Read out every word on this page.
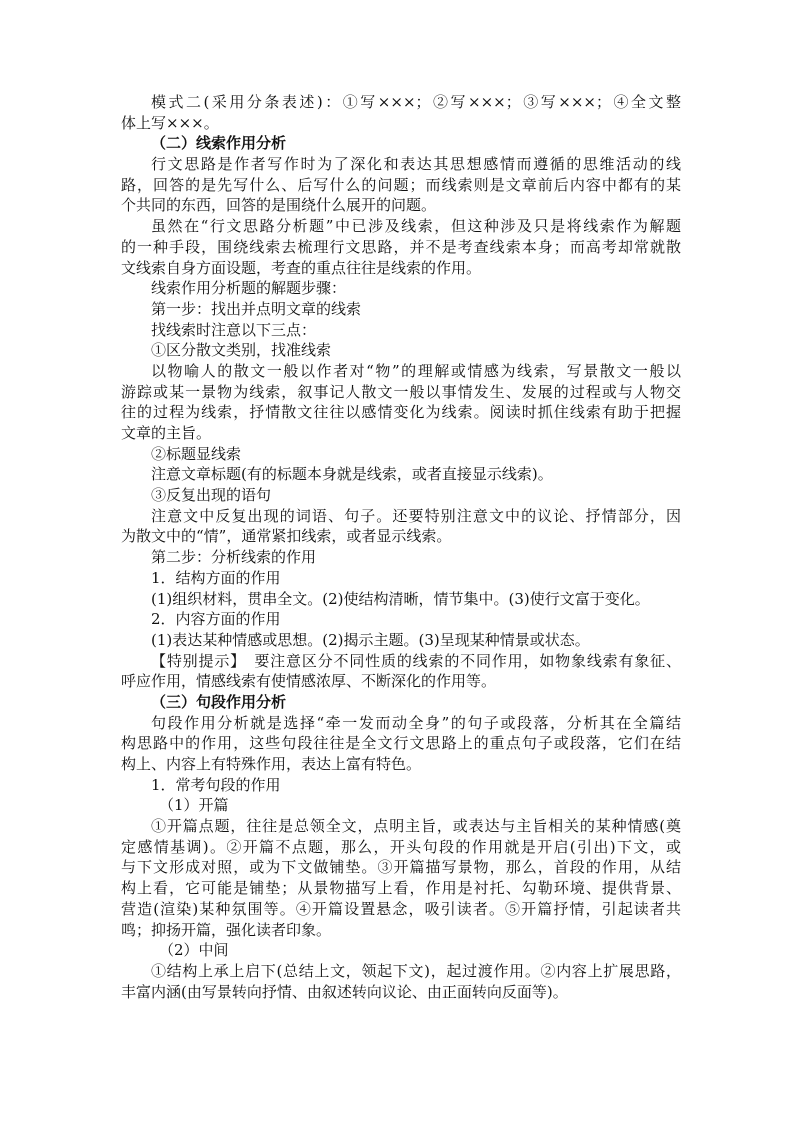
模式二(采用分条表述)：①写×××；②写×××；③写×××；④全文整
体上写×××。
（二）线索作用分析
行文思路是作者写作时为了深化和表达其思想感情而遵循的思维活动的线
路，回答的是先写什么、后写什么的问题；而线索则是文章前后内容中都有的某
个共同的东西，回答的是围绕什么展开的问题。
虽然在“行文思路分析题”中已涉及线索，但这种涉及只是将线索作为解题
的一种手段，围绕线索去梳理行文思路，并不是考查线索本身；而高考却常就散
文线索自身方面设题，考查的重点往往是线索的作用。
线索作用分析题的解题步骤：
第一步：找出并点明文章的线索
找线索时注意以下三点：
①区分散文类别，找准线索
以物喻人的散文一般以作者对“物”的理解或情感为线索，写景散文一般以
游踪或某一景物为线索，叙事记人散文一般以事情发生、发展的过程或与人物交
往的过程为线索，抒情散文往往以感情变化为线索。阅读时抓住线索有助于把握
文章的主旨。
②标题显线索
注意文章标题(有的标题本身就是线索，或者直接显示线索)。
③反复出现的语句
注意文中反复出现的词语、句子。还要特别注意文中的议论、抒情部分，因
为散文中的“情”，通常紧扣线索，或者显示线索。
第二步：分析线索的作用
1．结构方面的作用
(1)组织材料，贯串全文。(2)使结构清晰，情节集中。(3)使行文富于变化。
2．内容方面的作用
(1)表达某种情感或思想。(2)揭示主题。(3)呈现某种情景或状态。
【特别提示】　要注意区分不同性质的线索的不同作用，如物象线索有象征、
呼应作用，情感线索有使情感浓厚、不断深化的作用等。
（三）句段作用分析
句段作用分析就是选择“牵一发而动全身”的句子或段落，分析其在全篇结
构思路中的作用，这些句段往往是全文行文思路上的重点句子或段落，它们在结
构上、内容上有特殊作用，表达上富有特色。
1．常考句段的作用
（1）开篇
①开篇点题，往往是总领全文，点明主旨，或表达与主旨相关的某种情感(奠
定感情基调)。②开篇不点题，那么，开头句段的作用就是开启(引出)下文，或
与下文形成对照，或为下文做铺垫。③开篇描写景物，那么，首段的作用，从结
构上看，它可能是铺垫；从景物描写上看，作用是衬托、勾勒环境、提供背景、
营造(渲染)某种氛围等。④开篇设置悬念，吸引读者。⑤开篇抒情，引起读者共
鸣；抑扬开篇，强化读者印象。
（2）中间
①结构上承上启下(总结上文，领起下文)，起过渡作用。②内容上扩展思路，
丰富内涵(由写景转向抒情、由叙述转向议论、由正面转向反面等)。
